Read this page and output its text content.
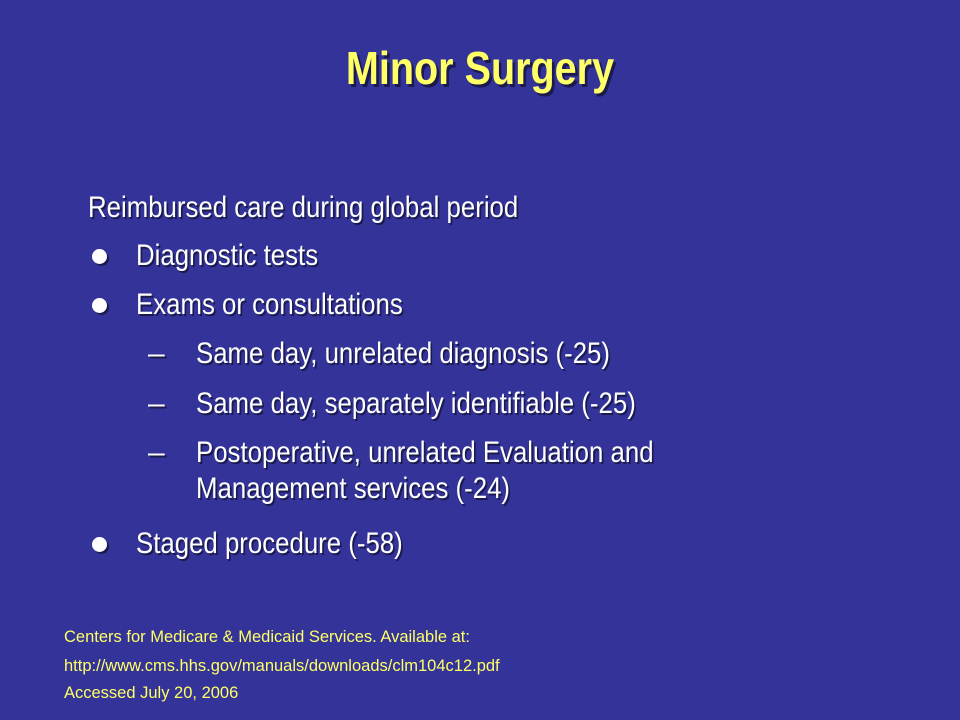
Minor Surgery
Reimbursed care during global period
Diagnostic tests
Exams or consultations
– Same day, unrelated diagnosis (-25)
– Same day, separately identifiable (-25)
– Postoperative, unrelated Evaluation and
Management services (-24)
Staged procedure (-58)
Centers for Medicare & Medicaid Services. Available at:
http://www.cms.hhs.gov/manuals/downloads/clm104c12.pdf
Accessed July 20, 2006
